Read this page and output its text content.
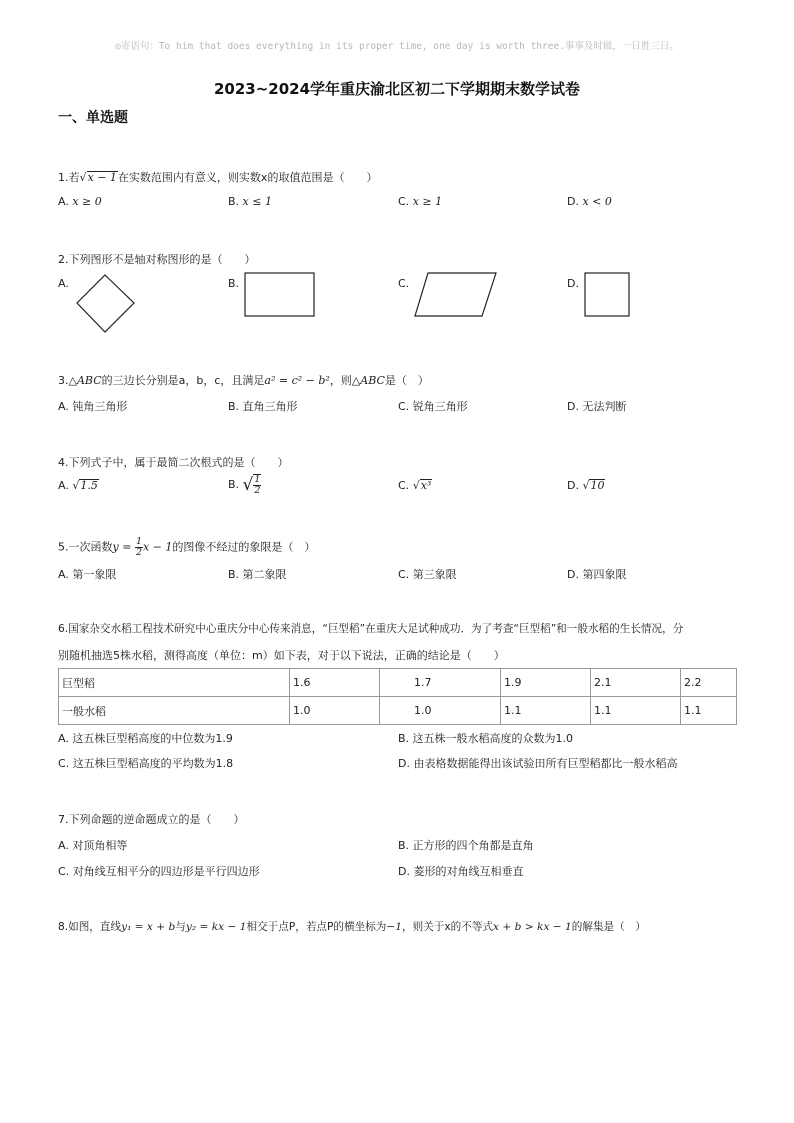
◎寄语句：To him that does everything in its proper time, one day is worth three.事事及时做，一日胜三日。
2023~2024学年重庆渝北区初二下学期期末数学试卷
一、单选题
1.若√x − 1在实数范围内有意义，则实数x的取值范围是（　　）
A. x ≥ 0	B. x ≤ 1	C. x ≥ 1	D. x < 0
2.下列图形不是轴对称图形的是（　　）
A.	B.	C.	D.
3.△ABC的三边长分别是a，b，c，且满足a² = c² − b²，则△ABC是（　）
A. 钝角三角形	B. 直角三角形	C. 锐角三角形	D. 无法判断
4.下列式子中，属于最简二次根式的是（　　）
A. √1.5	B. √ $\frac{1}{2}$	C. √x³	D. √10
5.一次函数$y = \frac{1}{2}$ x − 1的图像不经过的象限是（　）
A. 第一象限	B. 第二象限	C. 第三象限	D. 第四象限
6.国家杂交水稻工程技术研究中心重庆分中心传来消息，“巨型稻”在重庆大足试种成功．为了考查“巨型稻”和一般水稻的生长情况，分
别随机抽选5株水稻，测得高度（单位：m）如下表，对于以下说法，正确的结论是（　　）
巨型稻	1.6	1.7	1.9	2.1	2.2
一般水稻	1.0	1.0	1.1	1.1	1.1
A. 这五株巨型稻高度的中位数为1.9	B. 这五株一般水稻高度的众数为1.0
C. 这五株巨型稻高度的平均数为1.8	D. 由表格数据能得出该试验田所有巨型稻都比一般水稻高
7.下列命题的逆命题成立的是（　　）
A. 对顶角相等	B. 正方形的四个角都是直角
C. 对角线互相平分的四边形是平行四边形	D. 菱形的对角线互相垂直
8.如图，直线y₁ = x + b与y₂ = kx − 1相交于点P，若点P的横坐标为−1，则关于x的不等式x + b > kx − 1的解集是（　）
